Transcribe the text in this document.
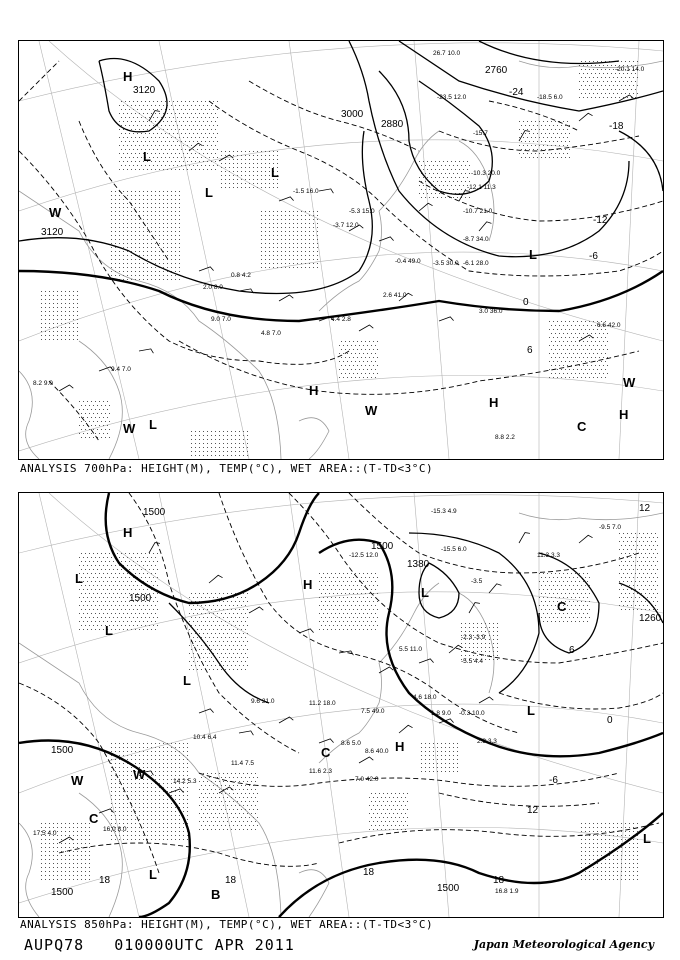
3120
3120
3000
2880
2760
-24
-18
-12
-6
0
6
H
L
L
L
L
W
W
W
W L
H
H
H
C
26.7 10.0
-20.1 14.0
-18.5 6.0
-23.5 12.0
-12.1 11.3
-15.7
-10.3 20.0
-10.7 21.0
-8.7 34.0
-6.1 28.0
-3.5 30.0
-0.4 49.0
2.6 41.0
3.0 36.0
4.4 2.8
6.6 42.0
-3.7 12.0
-5.3 15.0
-1.5 16.0
0.8 4.2
2.0 8.0
4.8 7.0
9.0 7.0
9.4 7.0
8.2 9.0
8.8 2.2
ANALYSIS 700hPa: HEIGHT(M), TEMP(°C), WET AREA::(T-TD<3°C)
1500
1500
1500
1500
1500	1500
1380
1260
-6
0
6
12
18	18
18
18
12
H
L
L
H
L
W
L
C
H
L
C
L
W
B
C
L
-15.3 4.9
-9.5 7.0
11.3 3.3
-12.5 12.0
-15.5 6.0
-3.5
-2.3 -3.9
-5.5 4.4
-0.3 10.0
2.8 3.3
8.6 40.0
7.0 42.0
4.6 18.0
1.8 9.0
7.5 49.0
11.2 18.0
9.6 21.0
11.4 7.5
10.4 6.4
14.2 5.3
16.0 8.0
17.5 4.0
16.8 1.9
11.6 2.3
5.5 11.0
8.6 5.0
ANALYSIS 850hPa: HEIGHT(M), TEMP(°C), WET AREA::(T-TD<3°C)
AUPQ78 010000UTC APR 2011	Japan Meteorological Agency
